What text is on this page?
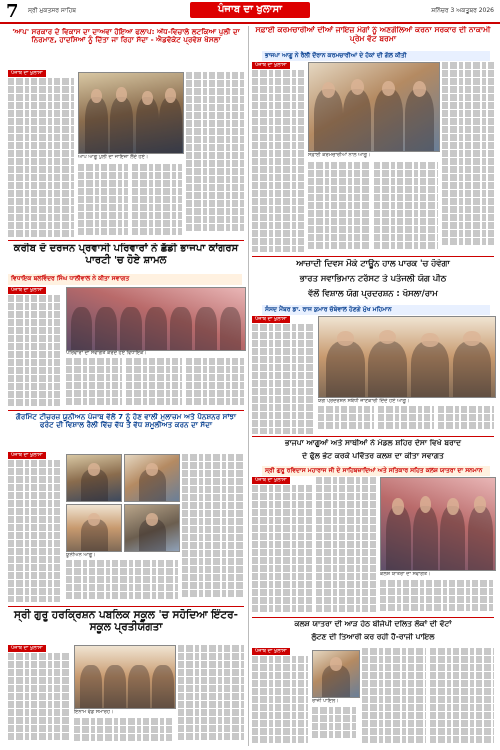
7 ਸ੍ਰੀ ਮੁਕਤਸਰ ਸਾਹਿਬ	ਪੰਜਾਬ ਦਾ ਖੁਲਾਸਾ	ਸ਼ਨਿੱਚਰ 3 ਅਕਤੂਬਰ 2026
'ਆਪ' ਸਰਕਾਰ ਦੇ ਵਿਕਾਸ ਦਾ ਦਾਅਵਾ ਹੋਇਆ ਫਲਾਪ: ਅੱਧ-ਵਿਚਾਲੇ ਲਟਕਿਆ ਪੁਲੀ ਦਾ ਨਿਰਮਾਣ, ਹਾਦਸਿਆਂ ਨੂੰ ਦਿੱਤਾ ਜਾ ਰਿਹਾ ਸੱਦਾ - ਐਡਵੋਕੇਟ ਪ੍ਰਵੇਸ਼ ਖੋਸਲਾ
ਪੰਜਾਬ ਦਾ ਖੁਲਾਸਾ
ਆਪ ਆਗੂ ਪੁਲੀ ਦਾ ਜਾਇਜ਼ਾ ਲੈਂਦੇ ਹੋਏ।
ਸਫ਼ਾਈ ਕਰਮਚਾਰੀਆਂ ਦੀਆਂ ਜਾਇਜ਼ ਮੰਗਾਂ ਨੂੰ ਅਣਗੌਲਿਆਂ ਕਰਨਾ ਸਰਕਾਰ ਦੀ ਨਾਕਾਮੀ ਪ੍ਰੇਮ ਵੱਟ ਬਰਮਾ
ਭਾਜਪਾ ਆਗੂ ਨੇ ਰੈਲੀ ਦੌਰਾਨ ਕਰਮਚਾਰੀਆਂ ਦੇ ਹੱਕਾਂ ਦੀ ਗੱਲ ਕੀਤੀ
ਪੰਜਾਬ ਦਾ ਖੁਲਾਸਾ
ਸਫ਼ਾਈ ਕਰਮਚਾਰੀਆਂ ਨਾਲ ਆਗੂ।
ਕਰੀਬ ਦੋ ਦਰਜਨ ਪ੍ਰਵਾਸੀ ਪਰਿਵਾਰਾਂ ਨੇ ਛੱਡੀ ਭਾਜਪਾ ਕਾਂਗਰਸ ਪਾਰਟੀ 'ਚ ਹੋਏ ਸ਼ਾਮਲ
ਵਿਧਾਇਕ ਬਲਵਿੰਦਰ ਸਿੰਘ ਧਾਲੀਵਾਲ ਨੇ ਕੀਤਾ ਸਵਾਗਤ
ਪੰਜਾਬ ਦਾ ਖੁਲਾਸਾ
ਪਰਿਵਾਰਾਂ ਦਾ ਸਵਾਗਤ ਕਰਦੇ ਹੋਏ ਵਿਧਾਇਕ।
ਆਜ਼ਾਦੀ ਦਿਵਸ ਮੌਕੇ ਟਾਊਨ ਹਾਲ ਪਾਰਕ 'ਚ ਹੋਵੇਗਾ
ਭਾਰਤ ਸਵਾਭਿਮਾਨ ਟਰੱਸਟ ਤੇ ਪਤੰਜਲੀ ਯੋਗ ਪੀਠ
ਵੱਲੋਂ ਵਿਸ਼ਾਲ ਯੋਗ ਪ੍ਰਦਰਸ਼ਨ : ਖੋਸਲਾ/ਰਾਮ
ਸੰਸਦ ਮੈਂਬਰ ਡਾ. ਰਾਜ ਕੁਮਾਰ ਚੱਬੇਵਾਲ ਹੋਣਗੇ ਮੁੱਖ ਮਹਿਮਾਨ
ਪੰਜਾਬ ਦਾ ਖੁਲਾਸਾ
ਯੋਗ ਪ੍ਰਦਰਸ਼ਨ ਸਬੰਧੀ ਜਾਣਕਾਰੀ ਦਿੰਦੇ ਹੋਏ ਆਗੂ।
ਗੌਰਮਿੰਟ ਟੀਚਰਜ਼ ਯੂਨੀਅਨ ਪੰਜਾਬ ਵੱਲੋਂ 7 ਨੂੰ ਹੋਣ ਵਾਲੀ ਮੁਲਾਜ਼ਮ ਅਤੇ ਪੈਨਸ਼ਨਰ ਸਾਂਝਾ ਫਰੰਟ ਦੀ ਵਿਸ਼ਾਲ ਰੈਲੀ ਵਿੱਚ ਵੱਧ ਤੋਂ ਵੱਧ ਸ਼ਮੂਲੀਅਤ ਕਰਨ ਦਾ ਸੱਦਾ
ਪੰਜਾਬ ਦਾ ਖੁਲਾਸਾ
ਯੂਨੀਅਨ ਆਗੂ।
ਭਾਜਪਾ ਆਗੂਆਂ ਅਤੇ ਸਾਥੀਆਂ ਨੇ ਮੰਡਲ ਸ਼ਹਿਰ ਦੇਸਾ ਵਿਖੇ ਬਰਾਦ
ਦੇ ਫੁੱਲ ਭੇਟ ਕਰਕੇ ਪਵਿੱਤਰ ਕਲਸ਼ ਦਾ ਕੀਤਾ ਸਵਾਗਤ
ਸ੍ਰੀ ਗੁਰੂ ਰਵਿਦਾਸ ਮਹਾਰਾਜ ਜੀ ਦੇ ਸਾਹਿਬਜ਼ਾਦਿਆਂ ਅਤੇ ਸਤਿਕਾਰ ਸਹਿਤ ਕਲਸ਼ ਯਾਤਰਾ ਦਾ ਸਨਮਾਨ
ਪੰਜਾਬ ਦਾ ਖੁਲਾਸਾ
ਕਲਸ਼ ਯਾਤਰਾ ਦਾ ਸਵਾਗਤ।
ਸ੍ਰੀ ਗੁਰੂ ਹਰਕ੍ਰਿਸ਼ਨ ਪਬਲਿਕ ਸਕੂਲ 'ਚ ਸਹੋਦਿਆ ਇੰਟਰ-ਸਕੂਲ ਪ੍ਰਤੀਯੋਗਤਾ
ਪੰਜਾਬ ਦਾ ਖੁਲਾਸਾ
ਇਨਾਮ ਵੰਡ ਸਮਾਰੋਹ।
ਕਲਸ਼ ਯਾਤਰਾ ਦੀ ਆੜ ਹੇਠ ਬੀਜੇਪੀ ਦਲਿਤ ਲੋਕਾਂ ਦੀ ਵੋਟਾਂ
ਲੁੱਟਣ ਦੀ ਤਿਆਰੀ ਕਰ ਰਹੀ ਹੈ-ਰਾਜੀ ਪਾਇਲ
ਪੰਜਾਬ ਦਾ ਖੁਲਾਸਾ
ਰਾਜੀ ਪਾਇਲ।
